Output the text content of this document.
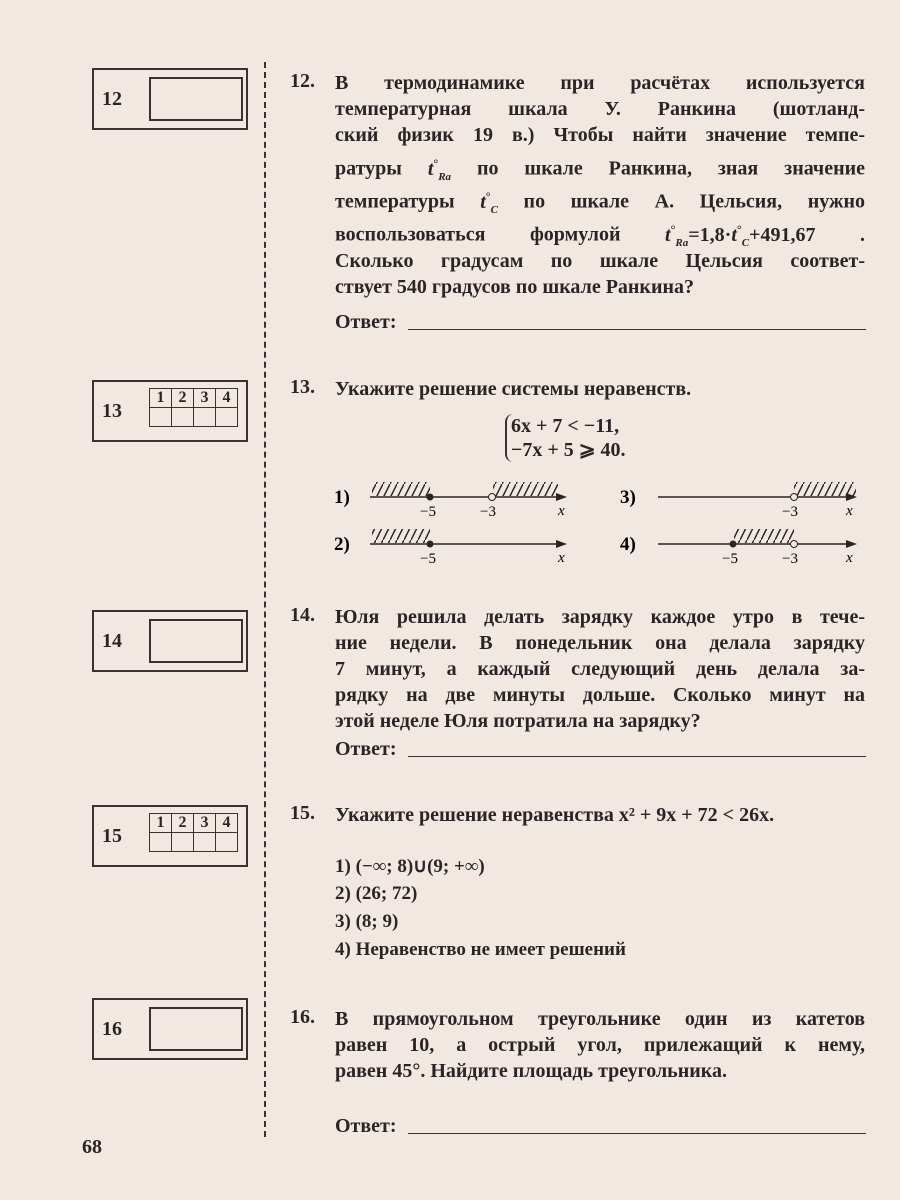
12
13
1	2	3	4

14
15
1	2	3	4

16
12. В термодинамике при расчётах используется
температурная шкала У. Ранкина (шотланд-
ский физик 19 в.) Чтобы найти значение темпе-
ратуры $t^\circ_{Ra}$ по шкале Ранкина, зная значение
температуры $t^\circ_C$ по шкале А. Цельсия, нужно
воспользоваться формулой $t^\circ_{Ra}=1,8\cdot t^\circ_C+491,67$ .
Сколько градусам по шкале Цельсия соответ-
ствует 540 градусов по шкале Ранкина?
Ответ:
13. Укажите решение системы неравенств.
6x + 7 < −11,
−7x + 5 ⩾ 40.
1)
−5	−3	x
3)
−3	x
2)
−5	x
4)
−5	−3	x
14. Юля решила делать зарядку каждое утро в тече-
ние недели. В понедельник она делала зарядку
7 минут, а каждый следующий день делала за-
рядку на две минуты дольше. Сколько минут на
этой неделе Юля потратила на зарядку?
Ответ:
15. Укажите решение неравенства x² + 9x + 72 < 26x.
1) (−∞; 8)∪(9; +∞)
2) (26; 72)
3) (8; 9)
4) Неравенство не имеет решений
16. В прямоугольном треугольнике один из катетов
равен 10, а острый угол, прилежащий к нему,
равен 45°. Найдите площадь треугольника.
Ответ:
68
